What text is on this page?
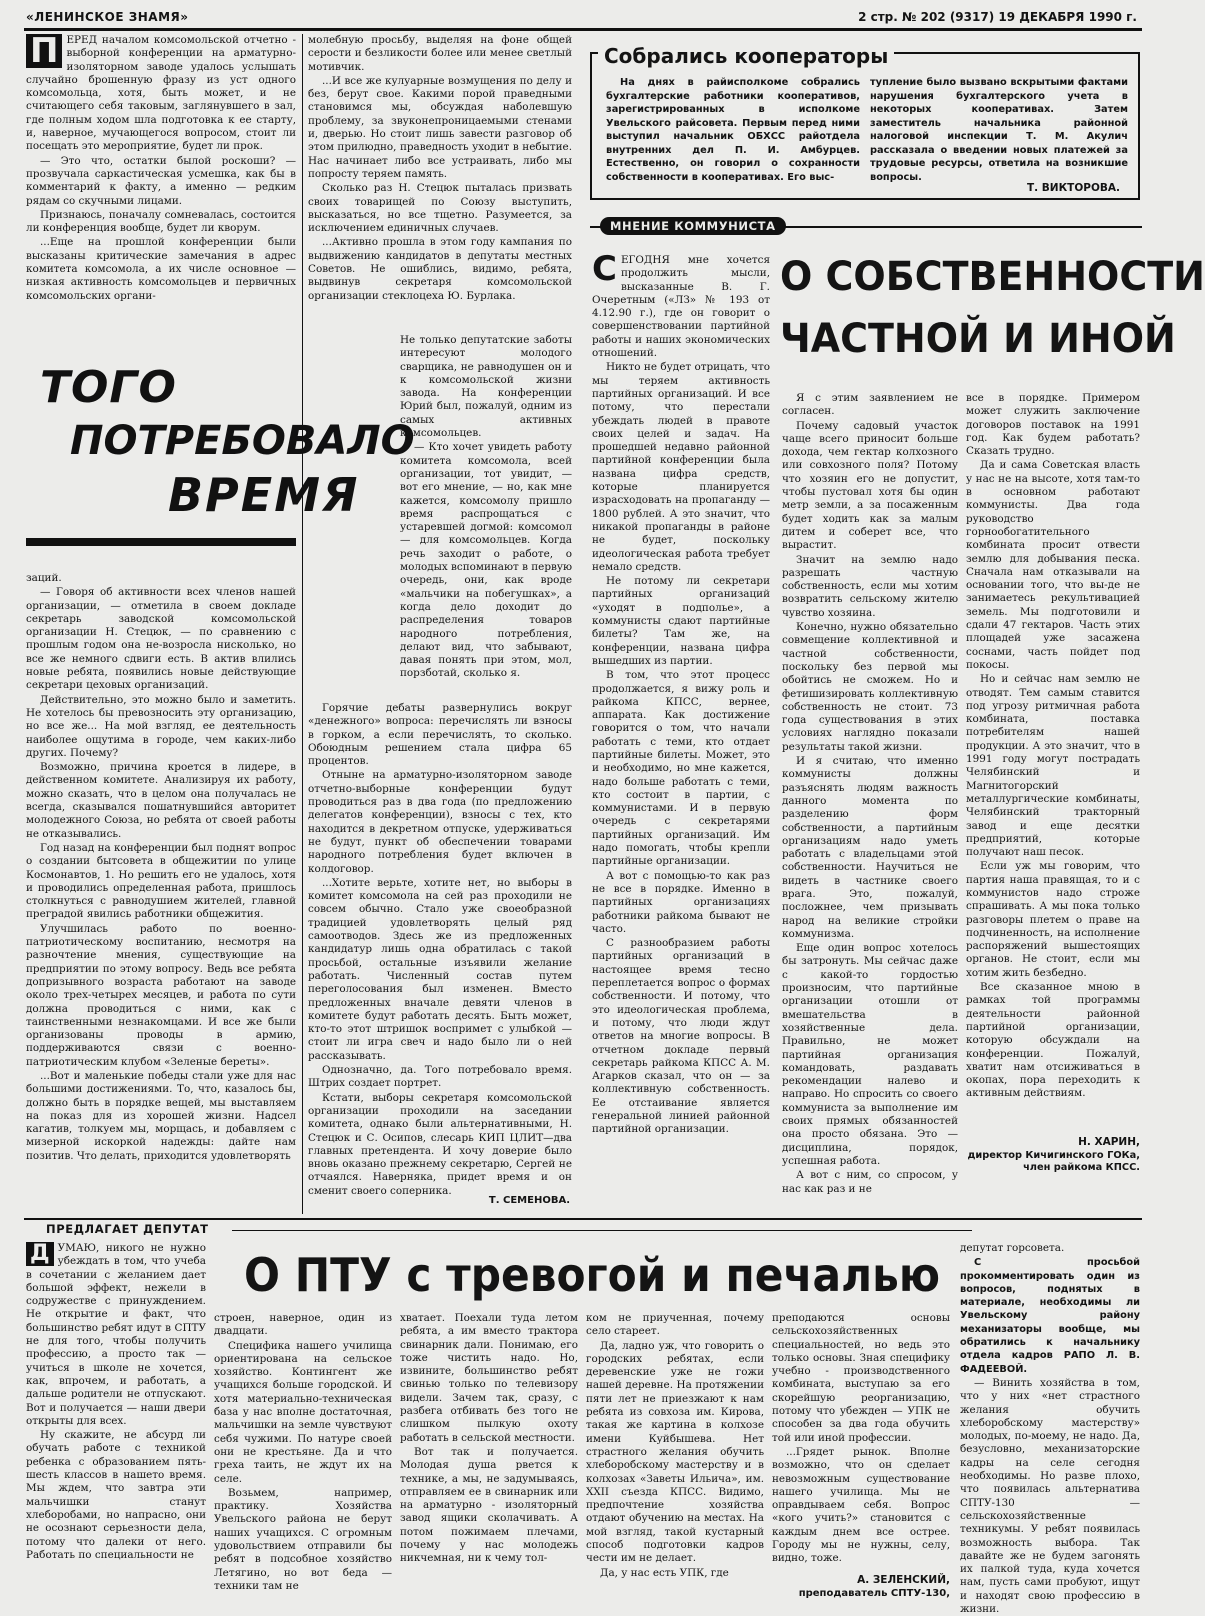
«ЛЕНИНСКОЕ ЗНАМЯ»	2 стр. № 202 (9317) 19 ДЕКАБРЯ 1990 г.
П ЕРЕД началом комсомольской отчетно - выборной конференции на арматурно-изоляторном заводе удалось услышать случайно брошенную фразу из уст одного комсомольца, хотя, быть может, и не считающего себя таковым, заглянувшего в зал, где полным ходом шла подготовка к ее старту, и, наверное, мучающегося вопросом, стоит ли посещать это мероприятие, будет ли прок.

— Это что, остатки былой роскоши? — прозвучала саркастическая усмешка, как бы в комментарий к факту, а именно — редким рядам со скучными лицами.

Признаюсь, поначалу сомневалась, состоится ли конференция вообще, будет ли кворум.

...Еще на прошлой конференции были высказаны критические замечания в адрес комитета комсомола, а их числе основное — низкая активность комсомольцев и первичных комсомольских органи-

молебную просьбу, выделяя на фоне общей серости и безликости более или менее светлый мотивчик.

...И все же кулуарные возмущения по делу и без, берут свое. Какими порой праведными становимся мы, обсуждая наболевшую проблему, за звуконепроницаемыми стенами и, дверью. Но стоит лишь завести разговор об этом прилюдно, праведность уходит в небытие. Нас начинает либо все устраивать, либо мы попросту теряем память.

Сколько раз Н. Стецюк пыталась призвать своих товарищей по Союзу выступить, высказаться, но все тщетно. Разумеется, за исключением единичных случаев.

...Активно прошла в этом году кампания по выдвижению кандидатов в депутаты местных Советов. Не ошиблись, видимо, ребята, выдвинув секретаря комсомольской организации стеклоцеха Ю. Бурлака.

ТОГО
ПОТРЕБОВАЛО
ВРЕМЯ

Не только депутатские заботы интересуют молодого сварщика, не равнодушен он и к комсомольской жизни завода. На конференции Юрий был, пожалуй, одним из самых активных комсомольцев.

— Кто хочет увидеть работу комитета комсомола, всей организации, тот увидит, — вот его мнение, — но, как мне кажется, комсомолу пришло время распрощаться с устаревшей догмой: комсомол — для комсомольцев. Когда речь заходит о работе, о молодых вспоминают в первую очередь, они, как вроде «мальчики на побегушках», а когда дело доходит до распределения товаров народного потребления, делают вид, что забывают, давая понять при этом, мол, порзботай, сколько я.

заций.

— Говоря об активности всех членов нашей организации, — отметила в своем докладе секретарь заводской комсомольской организации Н. Стецюк, — по сравнению с прошлым годом она не-возросла нисколько, но все же немного сдвиги есть. В актив влились новые ребята, появились новые действующие секретари цеховых организаций.

Действительно, это можно было и заметить. Не хотелось бы превозносить эту организацию, но все же... На мой взгляд, ее деятельность наиболее ощутима в городе, чем каких-либо других. Почему?

Возможно, причина кроется в лидере, в действенном комитете. Анализируя их работу, можно сказать, что в целом она получалась не всегда, сказывался пошатнувшийся авторитет молодежного Союза, но ребята от своей работы не отказывались.

Год назад на конференции был поднят вопрос о создании бытсовета в общежитии по улице Космонавтов, 1. Но решить его не удалось, хотя и проводились определенная работа, пришлось столкнуться с равнодушием жителей, главной преградой явились работники общежития.

Улучшилась работо по военно-патриотическому воспитанию, несмотря на разночтение мнения, существующие на предприятии по этому вопросу. Ведь все ребята допризывного возраста работают на заводе около трех-четырех месяцев, и работа по сути должна проводиться с ними, как с таинственными незнакомцами. И все же были организованы проводы в армию, поддерживаются связи с военно-патриотическим клубом «Зеленые береты».

...Вот и маленькие победы стали уже для нас большими достижениями. То, что, казалось бы, должно быть в порядке вещей, мы выставляем на показ для из хорошей жизни. Надсел кагатив, толкуем мы, морщась, и добавляем с мизерной искоркой надежды: дайте нам позитив. Что делать, приходится удовлетворять

Горячие дебаты развернулись вокруг «денежного» вопроса: перечислять ли взносы в горком, а если перечислять, то сколько. Обоюдным решением стала цифра 65 процентов.

Отныне на арматурно-изоляторном заводе отчетно-выборные конференции будут проводиться раз в два года (по предложению делегатов конференции), взносы с тех, кто находится в декретном отпуске, удерживаться не будут, пункт об обеспечении товарами народного потребления будет включен в колдоговор.

...Хотите верьте, хотите нет, но выборы в комитет комсомола на сей раз проходили не совсем обычно. Стало уже своеобразной традицией удовлетворять целый ряд самоотводов. Здесь же из предложенных кандидатур лишь одна обратилась с такой просьбой, остальные изъявили желание работать. Численный состав путем переголосования был изменен. Вместо предложенных вначале девяти членов в комитете будут работать десять. Быть может, кто-то этот штришок воспримет с улыбкой — стоит ли игра свеч и надо было ли о ней рассказывать.

Однозначно, да. Того потребовало время. Штрих создает портрет.

Кстати, выборы секретаря комсомольской организации проходили на заседании комитета, однако были альтернативными, Н. Стецюк и С. Осипов, слесарь КИП ЦЛИТ—два главных претендента. И хочу доверие было вновь оказано прежнему секретарю, Сергей не отчаялся. Наверняка, придет время и он сменит своего соперника.

Т. СЕМЕНОВА.
Собрались кооператоры

На днях в райисполкоме собрались бухгалтерские работники кооперативов, зарегистрированных в исполкоме Увельского райсовета. Первым перед ними выступил начальник ОБХСС райотдела внутренних дел П. И. Амбурцев. Естественно, он говорил о сохранности собственности в кооперативах. Его выс-

тупление было вызвано вскрытыми фактами нарушения бухгалтерского учета в некоторых кооперативах. Затем заместитель начальника районной налоговой инспекции Т. М. Акулич рассказала о введении новых платежей за трудовые ресурсы, ответила на возникшие вопросы.

Т. ВИКТОРОВА.
МНЕНИЕ КОММУНИСТА
О СОБСТВЕННОСТИ
ЧАСТНОЙ И ИНОЙ
С ЕГОДНЯ мне хочется продолжить мысли, высказанные В. Г. Очеретным («ЛЗ» № 193 от 4.12.90 г.), где он говорит о совершенствовании партийной работы и наших экономических отношений.

Никто не будет отрицать, что мы теряем активность партийных организаций. И все потому, что перестали убеждать людей в правоте своих целей и задач. На прошедшей недавно районной партийной конференции была названа цифра средств, которые планируется израсходовать на пропаганду — 1800 рублей. А это значит, что никакой пропаганды в районе не будет, поскольку идеологическая работа требует немало средств.

Не потому ли секретари партийных организаций «уходят в подполье», а коммунисты сдают партийные билеты? Там же, на конференции, названа цифра вышедших из партии.

В том, что этот процесс продолжается, я вижу роль и райкома КПСС, вернее, аппарата. Как достижение говорится о том, что начали работать с теми, кто отдает партийные билеты. Может, это и необходимо, но мне кажется, надо больше работать с теми, кто состоит в партии, с коммунистами. И в первую очередь с секретарями партийных организаций. Им надо помогать, чтобы крепли партийные организации.

А вот с помощью-то как раз не все в порядке. Именно в партийных организациях работники райкома бывают не часто.

С разнообразием работы партийных организаций в настоящее время тесно переплетается вопрос о формах собственности. И потому, что это идеологическая проблема, и потому, что люди ждут ответов на многие вопросы. В отчетном докладе первый секретарь райкома КПСС А. М. Агарков сказал, что он — за коллективную собственность. Ее отстаивание является генеральной линией районной партийной организации.

Я с этим заявлением не согласен.

Почему садовый участок чаще всего приносит больше дохода, чем гектар колхозного или совхозного поля? Потому что хозяин его не допустит, чтобы пустовал хотя бы один метр земли, а за посаженным будет ходить как за малым дитем и соберет все, что вырастит.

Значит на землю надо разрешать частную собственность, если мы хотим возвратить сельскому жителю чувство хозяина.

Конечно, нужно обязательно совмещение коллективной и частной собственности, поскольку без первой мы обойтись не сможем. Но и фетишизировать коллективную собственность не стоит. 73 года существования в этих условиях наглядно показали результаты такой жизни.

И я считаю, что именно коммунисты должны разъяснять людям важность данного момента по разделению форм собственности, а партийным организациям надо уметь работать с владельцами этой собственности. Научиться не видеть в частнике своего врага. Это, пожалуй, посложнее, чем призывать народ на великие стройки коммунизма.

Еще один вопрос хотелось бы затронуть. Мы сейчас даже с какой-то гордостью произносим, что партийные организации отошли от вмешательства в хозяйственные дела. Правильно, не может партийная организация командовать, раздавать рекомендации налево и направо. Но спросить со своего коммуниста за выполнение им своих прямых обязанностей она просто обязана. Это — дисциплина, порядок, успешная работа.

А вот с ним, со спросом, у нас как раз и не

все в порядке. Примером может служить заключение договоров поставок на 1991 год. Как будем работать? Сказать трудно.

Да и сама Советская власть у нас не на высоте, хотя там-то в основном работают коммунисты. Два года руководство горнообогатительного комбината просит отвести землю для добывания песка. Сначала нам отказывали на основании того, что вы-де не занимаетесь рекультивацией земель. Мы подготовили и сдали 47 гектаров. Часть этих площадей уже засажена соснами, часть пойдет под покосы.

Но и сейчас нам землю не отводят. Тем самым ставится под угрозу ритмичная работа комбината, поставка потребителям нашей продукции. А это значит, что в 1991 году могут пострадать Челябинский и Магнитогорский металлургические комбинаты, Челябинский тракторный завод и еще десятки предприятий, которые получают наш песок.

Если уж мы говорим, что партия наша правящая, то и с коммунистов надо строже спрашивать. А мы пока только разговоры плетем о праве на подчиненность, на исполнение распоряжений вышестоящих органов. Не стоит, если мы хотим жить безбедно.

Все сказанное мною в рамках той программы деятельности районной партийной организации, которую обсуждали на конференции. Пожалуй, хватит нам отсиживаться в окопах, пора переходить к активным действиям.

Н. ХАРИН,
директор Кичигинского ГОКа, член райкома КПСС.
ПРЕДЛАГАЕТ ДЕПУТАТ
О ПТУ с тревогой и печалью
Д УМАЮ, никого не нужно убеждать в том, что учеба в сочетании с желанием дает большой эффект, нежели в содружестве с принуждением. Не открытие и факт, что большинство ребят идут в СПТУ не для того, чтобы получить профессию, а просто так — учиться в школе не хочется, как, впрочем, и работать, а дальше родители не отпускают. Вот и получается — наши двери открыты для всех.

Ну скажите, не абсурд ли обучать работе с техникой ребенка с образованием пять-шесть классов в нашето время. Мы ждем, что завтра эти мальчишки станут хлеборобами, но напрасно, они не осознают серьезности дела, потому что далеки от него. Работать по специальности не

строен, наверное, один из двадцати.

Специфика нашего училища ориентирована на сельское хозяйство. Контингент же учащихся больше городской. И хотя материально-техническая база у нас вполне достаточная, мальчишки на земле чувствуют себя чужими. По натуре своей они не крестьяне. Да и что греха таить, не ждут их на селе.

Возьмем, например, практику. Хозяйства Увельского района не берут наших учащихся. С огромным удовольствием отправили бы ребят в подсобное хозяйство Летягино, но вот беда — техники там не

хватает. Поехали туда летом ребята, а им вместо трактора свинарник дали. Понимаю, его тоже чистить надо. Но, извините, большинство ребят свинью только по телевизору видели. Зачем так, сразу, с разбега отбивать без того не слишком пылкую охоту работать в сельской местности.

Вот так и получается. Молодая душа рвется к технике, а мы, не задумываясь, отправляем ее в свинарник или на арматурно - изоляторный завод ящики сколачивать. А потом пожимаем плечами, почему у нас молодежь никчемная, ни к чему тол-

ком не приученная, почему село стареет.

Да, ладно уж, что говорить о городских ребятах, если деревенские уже не гожи нашей деревне. На протяжении пяти лет не приезжают к нам ребята из совхоза им. Кирова, такая же картина в колхозе имени Куйбышева. Нет страстного желания обучить хлеборобскому мастерству и в колхозах «Заветы Ильича», им. XXII съезда КПСС. Видимо, предпочтение хозяйства отдают обучению на местах. На мой взгляд, такой кустарный способ подготовки кадров чести им не делает.

Да, у нас есть УПК, где

преподаются основы сельскохозяйственных специальностей, но ведь это только основы. Зная специфику учебно - производственного комбината, выступаю за его скорейшую реорганизацию, потому что убежден — УПК не способен за два года обучить той или иной профессии.

...Грядет рынок. Вполне возможно, что он сделает невозможным существование нашего училища. Мы не оправдываем себя. Вопрос «кого учить?» становится с каждым днем все острее. Городу мы не нужны, селу, видно, тоже.

А. ЗЕЛЕНСКИЙ,
преподаватель СПТУ-130,

депутат горсовета.

С просьбой прокомментировать один из вопросов, поднятых в материале, необходимы ли Увельскому району механизаторы вообще, мы обратились к начальнику отдела кадров РАПО Л. В. ФАДЕЕВОЙ.

— Винить хозяйства в том, что у них «нет страстного желания обучить хлеборобскому мастерству» молодых, по-моему, не надо. Да, безусловно, механизаторские кадры на селе сегодня необходимы. Но разве плохо, что появилась альтернатива СПТУ-130 — сельскохозяйственные техникумы. У ребят появилась возможность выбора. Так давайте же не будем загонять их палкой туда, куда хочется нам, пусть сами пробуют, ищут и находят свою профессию в жизни.
